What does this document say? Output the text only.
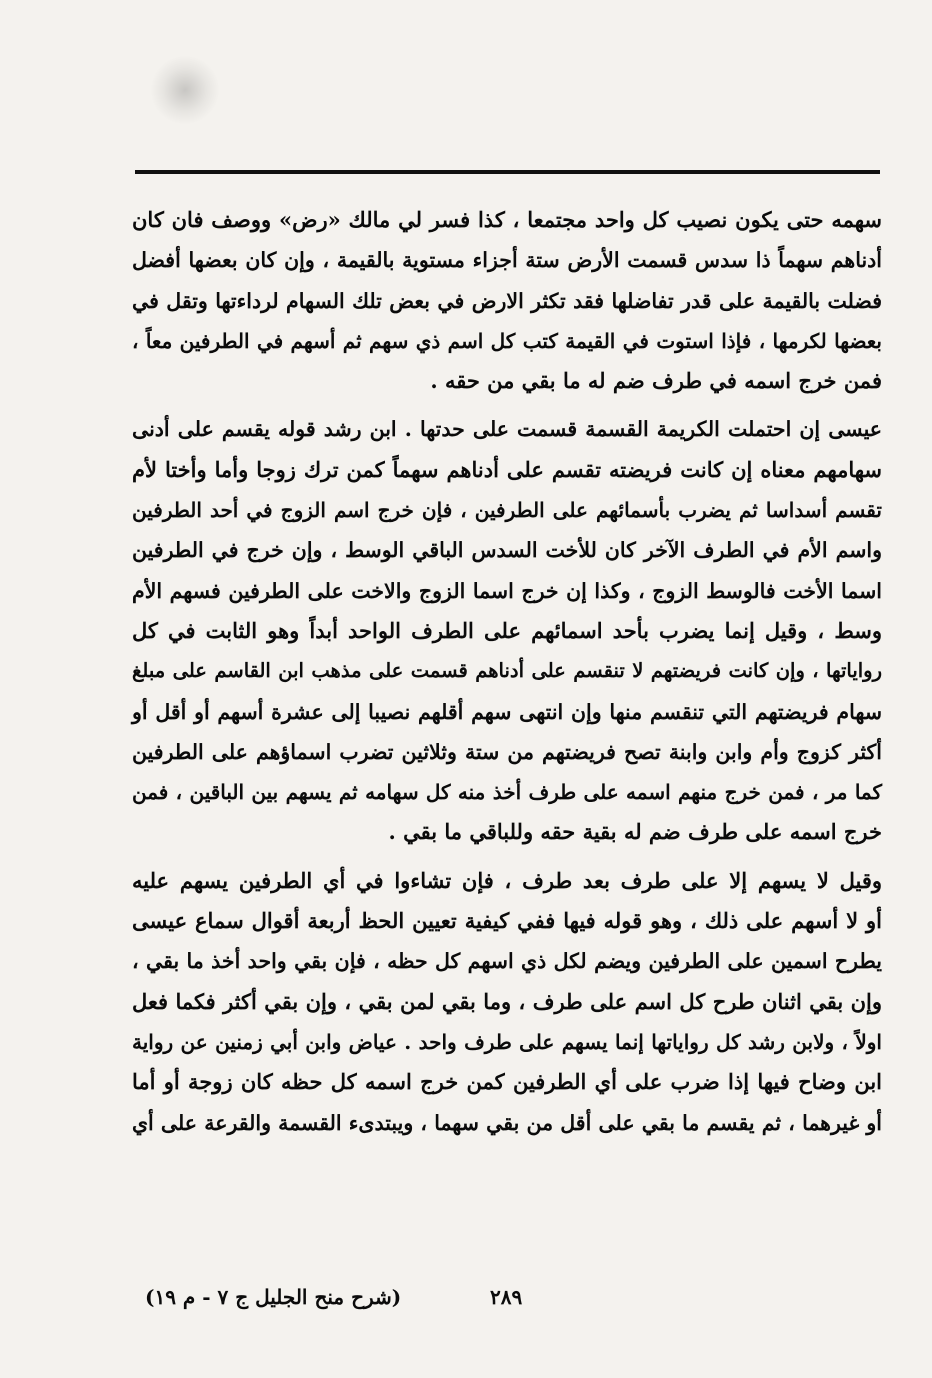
سهمه حتى يكون نصيب كل واحد مجتمعا ، كذا فسر لي مالك «رض» ووصف فان كان
أدناهم سهماً ذا سدس قسمت الأرض ستة أجزاء مستوية بالقيمة ، وإن كان بعضها أفضل
فضلت بالقيمة على قدر تفاضلها فقد تكثر الارض في بعض تلك السهام لرداءتها وتقل في
بعضها لكرمها ، فإذا استوت في القيمة كتب كل اسم ذي سهم ثم أسهم في الطرفين معاً ،
فمن خرج اسمه في طرف ضم له ما بقي من حقه .
عيسى إن احتملت الكريمة القسمة قسمت على حدتها . ابن رشد قوله يقسم على أدنى
سهامهم معناه إن كانت فريضته تقسم على أدناهم سهماً كمن ترك زوجا وأما وأختا لأم
تقسم أسداسا ثم يضرب بأسمائهم على الطرفين ، فإن خرج اسم الزوج في أحد الطرفين
واسم الأم في الطرف الآخر كان للأخت السدس الباقي الوسط ، وإن خرج في الطرفين
اسما الأخت فالوسط الزوج ، وكذا إن خرج اسما الزوج والاخت على الطرفين فسهم الأم
وسط ، وقيل إنما يضرب بأحد اسمائهم على الطرف الواحد أبداً وهو الثابت في كل
رواياتها ، وإن كانت فريضتهم لا تنقسم على أدناهم قسمت على مذهب ابن القاسم على مبلغ
سهام فريضتهم التي تنقسم منها وإن انتهى سهم أقلهم نصيبا إلى عشرة أسهم أو أقل أو
أكثر كزوج وأم وابن وابنة تصح فريضتهم من ستة وثلاثين تضرب اسماؤهم على الطرفين
كما مر ، فمن خرج منهم اسمه على طرف أخذ منه كل سهامه ثم يسهم بين الباقين ، فمن
خرج اسمه على طرف ضم له بقية حقه وللباقي ما بقي .
وقيل لا يسهم إلا على طرف بعد طرف ، فإن تشاءوا في أي الطرفين يسهم عليه
أو لا أسهم على ذلك ، وهو قوله فيها ففي كيفية تعيين الحظ أربعة أقوال سماع عيسى
يطرح اسمين على الطرفين ويضم لكل ذي اسهم كل حظه ، فإن بقي واحد أخذ ما بقي ،
وإن بقي اثنان طرح كل اسم على طرف ، وما بقي لمن بقي ، وإن بقي أكثر فكما فعل
اولاً ، ولابن رشد كل رواياتها إنما يسهم على طرف واحد . عياض وابن أبي زمنين عن رواية
ابن وضاح فيها إذا ضرب على أي الطرفين كمن خرج اسمه كل حظه كان زوجة أو أما
أو غيرهما ، ثم يقسم ما بقي على أقل من بقي سهما ، ويبتدىء القسمة والقرعة على أي
٢٨٩
(شرح منح الجليل ج ٧ - م ١٩)
